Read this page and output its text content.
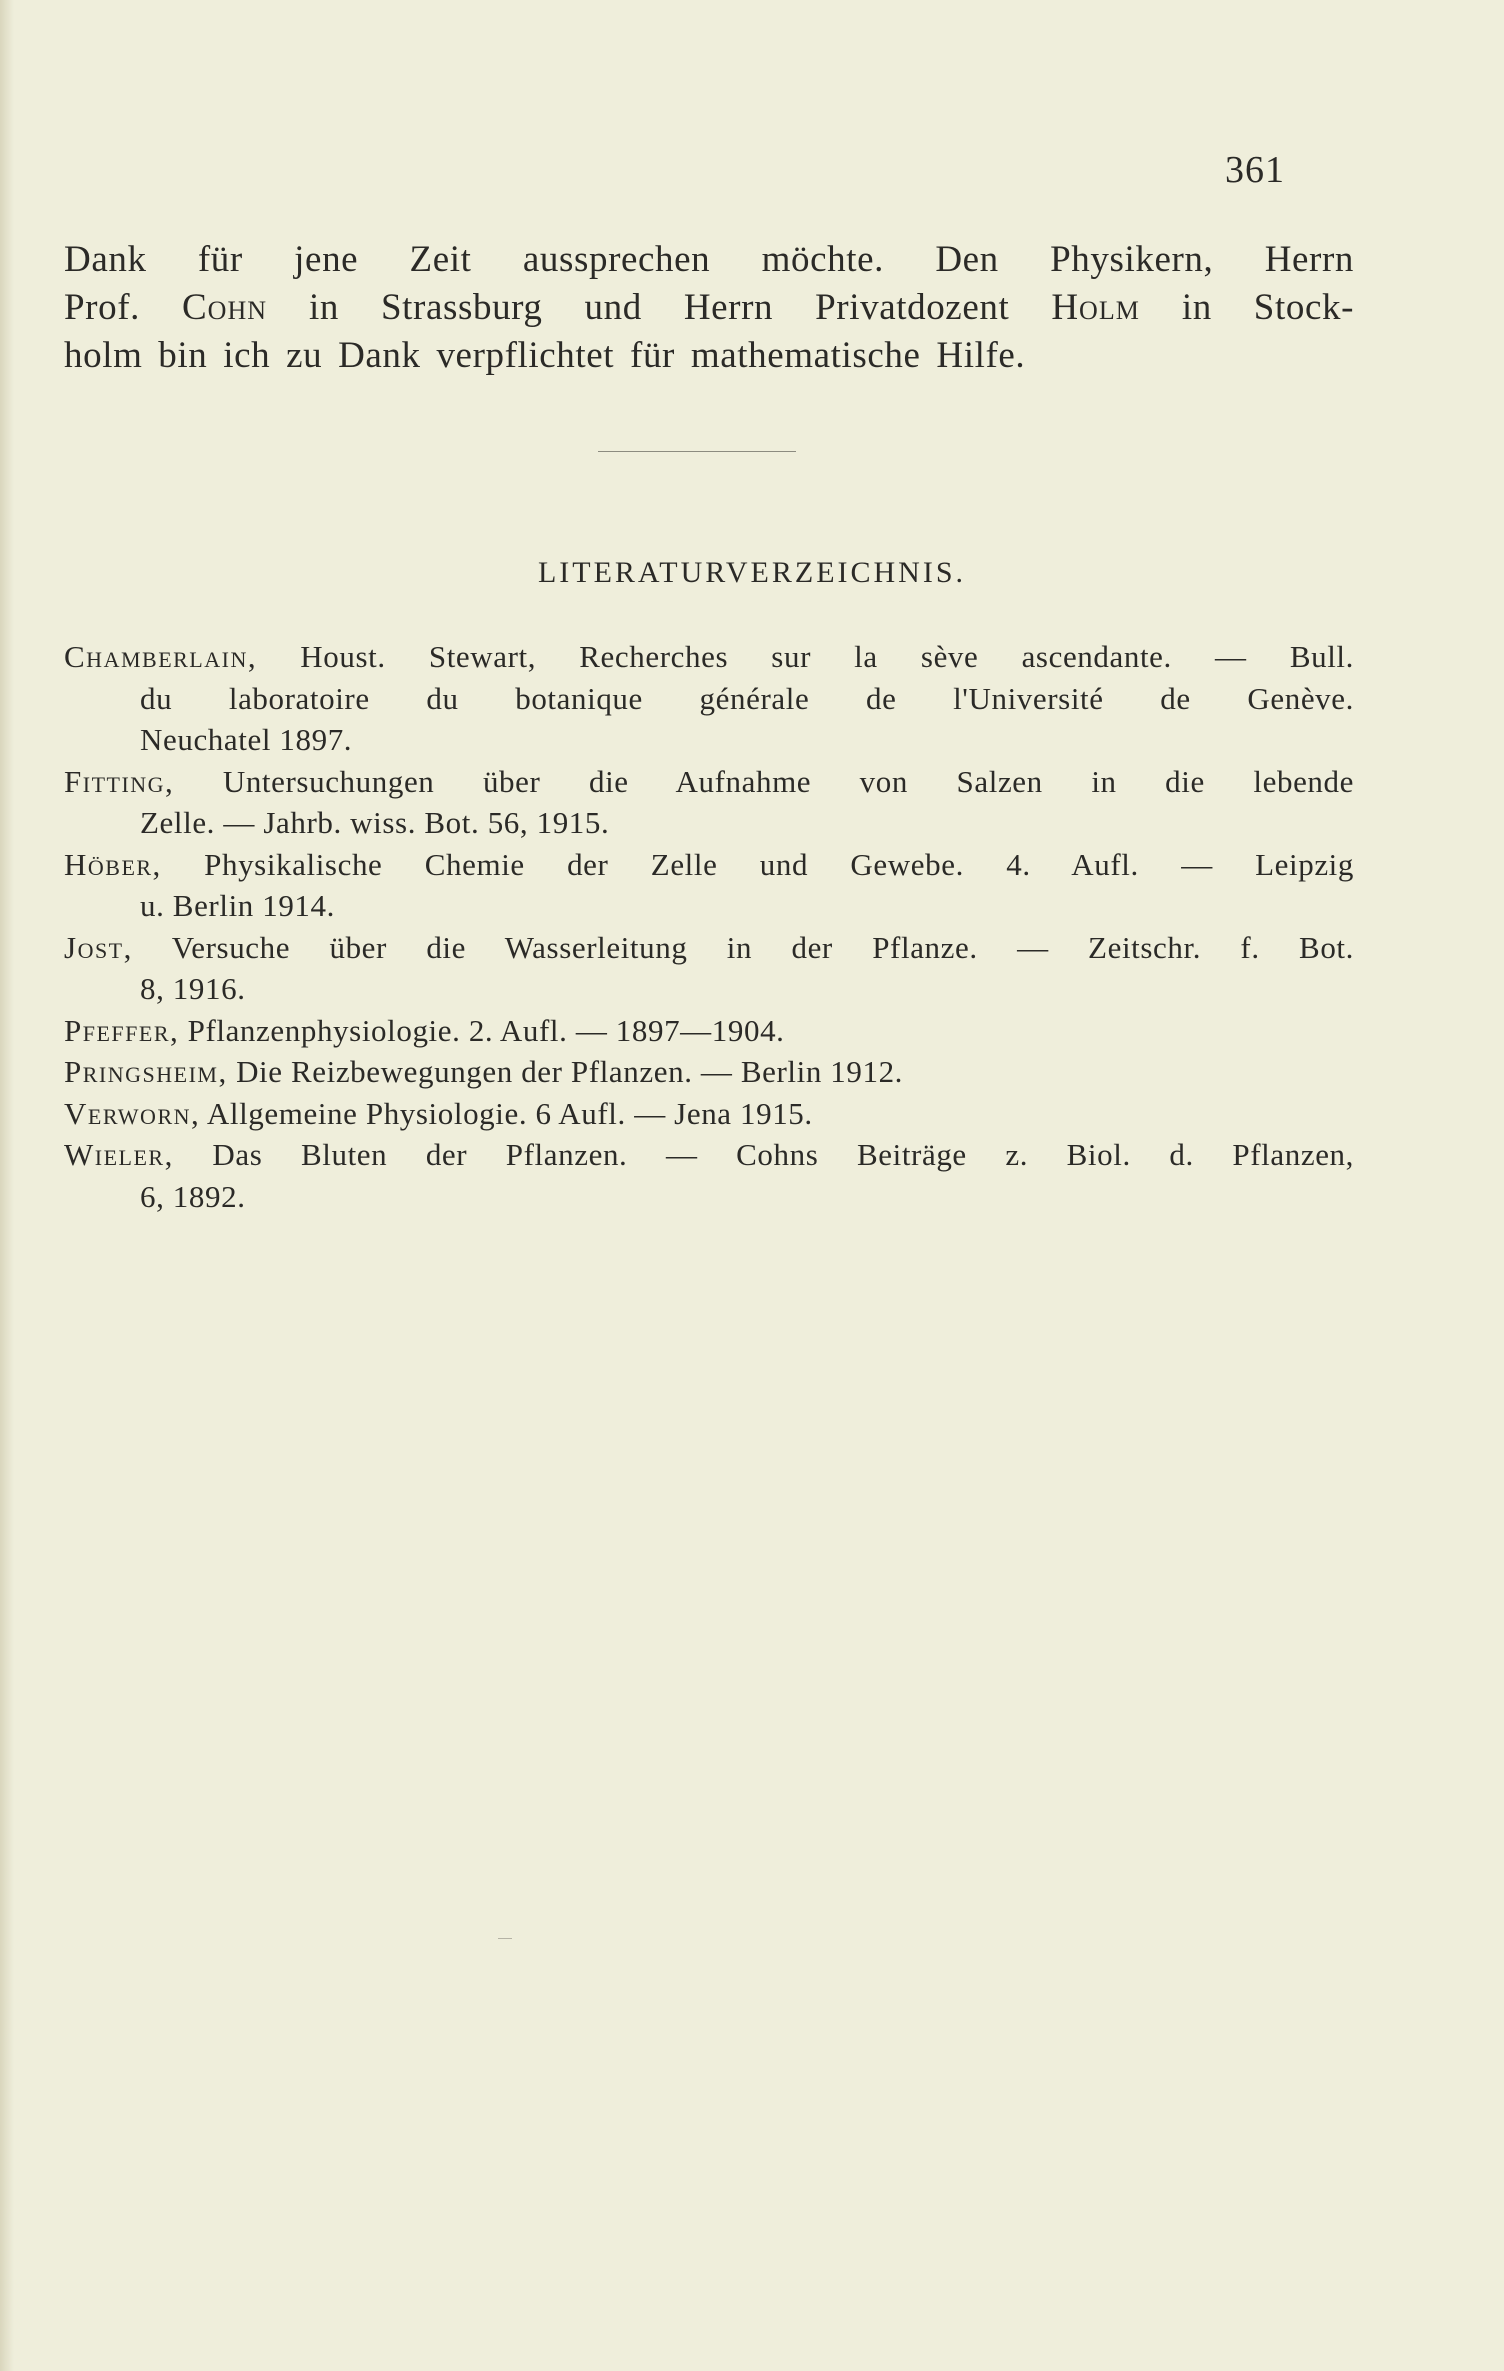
361
Dank für jene Zeit aussprechen möchte. Den Physikern, Herrn
Prof. Cohn in Strassburg und Herrn Privatdozent Holm in Stock-
holm bin ich zu Dank verpflichtet für mathematische Hilfe.
LITERATURVERZEICHNIS.
Chamberlain, Houst. Stewart, Recherches sur la sève ascendante. — Bull.
du laboratoire du botanique générale de l'Université de Genève.
Neuchatel 1897.
Fitting, Untersuchungen über die Aufnahme von Salzen in die lebende
Zelle. — Jahrb. wiss. Bot. 56, 1915.
Höber, Physikalische Chemie der Zelle und Gewebe. 4. Aufl. — Leipzig
u. Berlin 1914.
Jost, Versuche über die Wasserleitung in der Pflanze. — Zeitschr. f. Bot.
8, 1916.
Pfeffer, Pflanzenphysiologie. 2. Aufl. — 1897—1904.
Pringsheim, Die Reizbewegungen der Pflanzen. — Berlin 1912.
Verworn, Allgemeine Physiologie. 6 Aufl. — Jena 1915.
Wieler, Das Bluten der Pflanzen. — Cohns Beiträge z. Biol. d. Pflanzen,
6, 1892.
